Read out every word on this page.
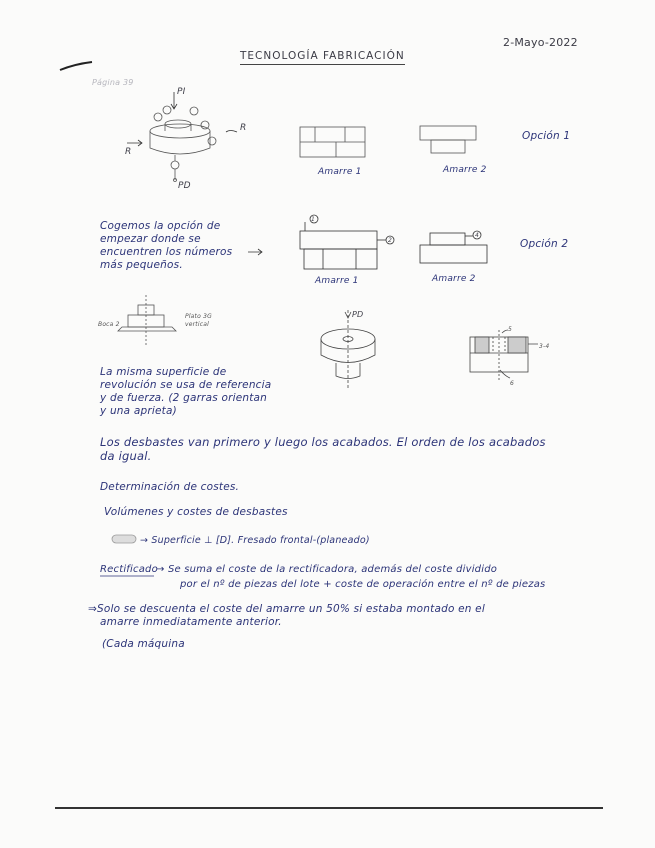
TECNOLOGÍA FABRICACIÓN
2-Mayo-2022
Página 39
PI
R
R
PD
Amarre 1	Amarre 2
Opción 1
Cogemos la opción de
empezar donde se
encuentren los números
más pequeños.
1
2
4
Amarre 1	Amarre 2
Opción 2
Boca 2
Plato 3G
vertical
PD
5
3-4
6
La misma superficie de
revolución se usa de referencia
y de fuerza. (2 garras orientan
y una aprieta)
Los desbastes van primero y luego los acabados. El orden de los acabados
da igual.
Determinación de costes.
Volúmenes y costes de desbastes
→ Superficie ⊥ [D]. Fresado frontal-(planeado)
Rectificado
→ Se suma el coste de la rectificadora, además del coste dividido
por el nº de piezas del lote + coste de operación entre el nº de piezas
⇒Solo se descuenta el coste del amarre un 50% si estaba montado en el
amarre inmediatamente anterior.
(Cada máquina
